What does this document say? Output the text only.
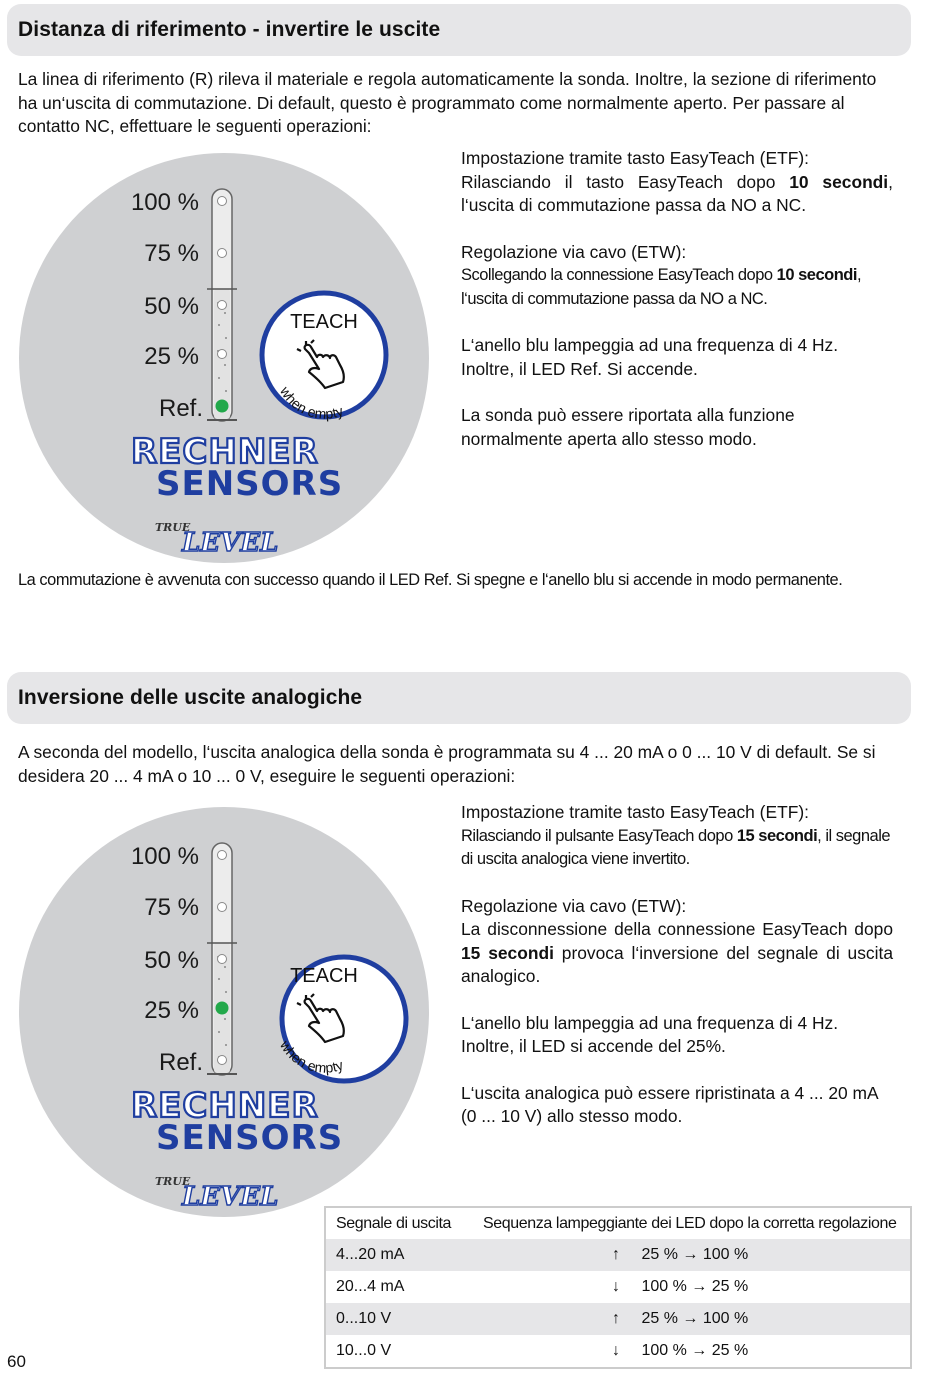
Distanza di riferimento - invertire le uscite

La linea di riferimento (R) rileva il materiale e regola automaticamente la sonda. Inoltre, la sezione di riferimento ha un‘uscita di commutazione. Di default, questo è programmato come normalmente aperto. Per passare al contatto NC, effettuare le seguenti operazioni:

100 %
75 %
50 %
25 %
Ref.
TEACH
when empty
RECHNER
SENSORS
TRUE
LEVEL

Impostazione tramite tasto EasyTeach (ETF):

Rilasciando il tasto EasyTeach dopo 10 secondi, l‘uscita di commutazione passa da NO a NC.

Regolazione via cavo (ETW):

Scollegando la connessione EasyTeach dopo 10 secondi, l‘uscita di commutazione passa da NO a NC.

L‘anello blu lampeggia ad una frequenza di 4 Hz.

Inoltre, il LED Ref. Si accende.

La sonda può essere riportata alla funzione normalmente aperta allo stesso modo.

La commutazione è avvenuta con successo quando il LED Ref. Si spegne e l‘anello blu si accende in modo permanente.

Inversione delle uscite analogiche

A seconda del modello, l‘uscita analogica della sonda è programmata su 4 ... 20 mA o 0 ... 10 V di default. Se si desidera 20 ... 4 mA o 10 ... 0 V, eseguire le seguenti operazioni:

100 %
75 %
50 %
25 %
Ref.
TEACH
when empty
RECHNER
SENSORS
TRUE
LEVEL

Impostazione tramite tasto EasyTeach (ETF):

Rilasciando il pulsante EasyTeach dopo 15 secondi, il segnale di uscita analogica viene invertito.

Regolazione via cavo (ETW):

La disconnessione della connessione EasyTeach dopo 15 secondi provoca l‘inversione del segnale di uscita analogico.

L‘anello blu lampeggia ad una frequenza di 4 Hz.

Inoltre, il LED si accende del 25%.

L‘uscita analogica può essere ripristinata a 4 ... 20 mA (0 ... 10 V) allo stesso modo.

Segnale di uscita	Sequenza lampeggiante dei LED dopo la corretta regolazione
4...20 mA	↑ 25 % → 100 %
20...4 mA	↓ 100 % → 25 %
0...10 V	↑ 25 % → 100 %
10...0 V	↓ 100 % → 25 %

60
